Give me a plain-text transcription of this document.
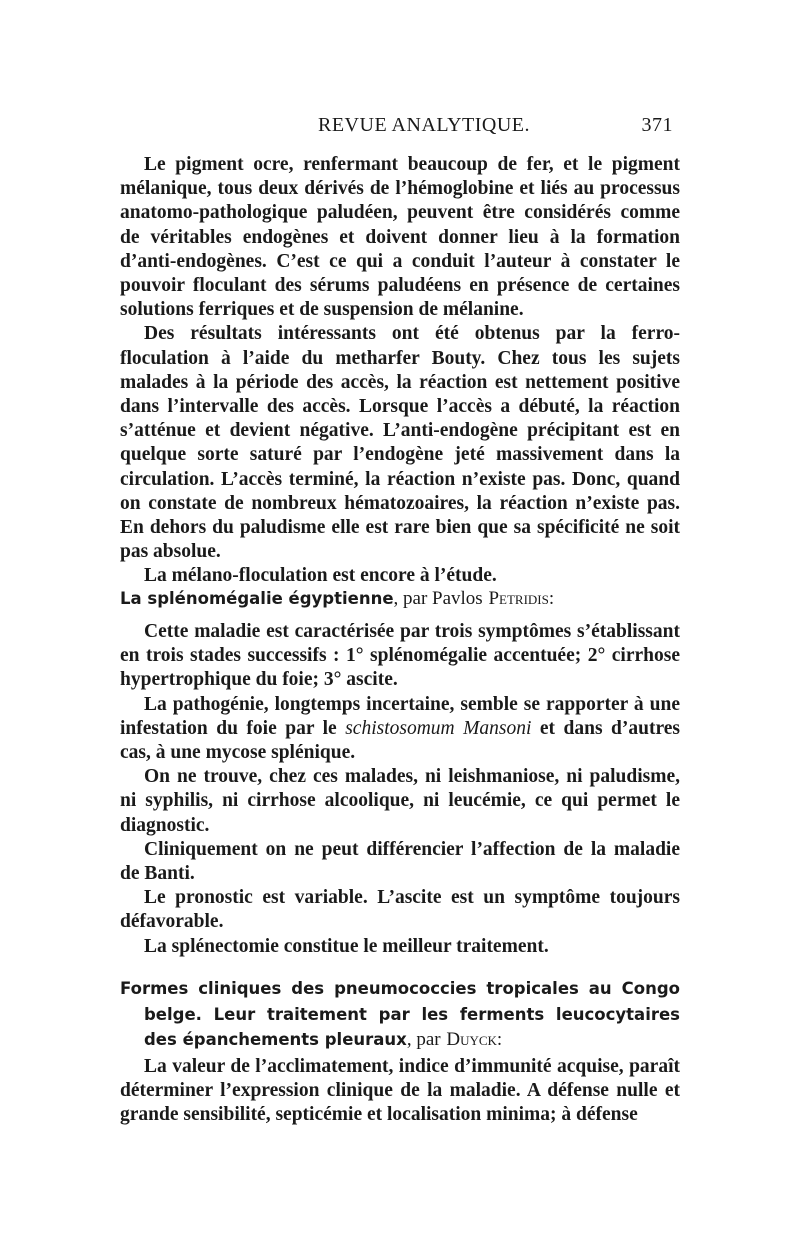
REVUE ANALYTIQUE.	371

Le pigment ocre, renfermant beaucoup de fer, et le pigment mélanique, tous deux dérivés de l’hémoglobine et liés au processus anatomo-pathologique paludéen, peuvent être considérés comme de véritables endogènes et doivent donner lieu à la formation d’anti-endogènes. C’est ce qui a conduit l’auteur à constater le pouvoir floculant des sérums paludéens en présence de certaines solutions ferriques et de suspension de mélanine.

Des résultats intéressants ont été obtenus par la ferro-floculation à l’aide du metharfer Bouty. Chez tous les sujets malades à la période des accès, la réaction est nettement positive dans l’intervalle des accès. Lorsque l’accès a débuté, la réaction s’atténue et devient négative. L’anti-endogène précipitant est en quelque sorte saturé par l’endogène jeté massivement dans la circulation. L’accès terminé, la réaction n’existe pas. Donc, quand on constate de nombreux hématozoaires, la réaction n’existe pas. En dehors du paludisme elle est rare bien que sa spécificité ne soit pas absolue.

La mélano-floculation est encore à l’étude.

La splénomégalie égyptienne, par Pavlos Petridis:

Cette maladie est caractérisée par trois symptômes s’établissant en trois stades successifs : 1° splénomégalie accentuée; 2° cirrhose hypertrophique du foie; 3° ascite.

La pathogénie, longtemps incertaine, semble se rapporter à une infestation du foie par le schistosomum Mansoni et dans d’autres cas, à une mycose splénique.

On ne trouve, chez ces malades, ni leishmaniose, ni paludisme, ni syphilis, ni cirrhose alcoolique, ni leucémie, ce qui permet le diagnostic.

Cliniquement on ne peut différencier l’affection de la maladie de Banti.

Le pronostic est variable. L’ascite est un symptôme toujours défavorable.

La splénectomie constitue le meilleur traitement.

Formes cliniques des pneumococcies tropicales au Congo belge. Leur traitement par les ferments leucocytaires des épanchements pleuraux, par Duyck:

La valeur de l’acclimatement, indice d’immunité acquise, paraît déterminer l’expression clinique de la maladie. A défense nulle et grande sensibilité, septicémie et localisation minima; à défense
